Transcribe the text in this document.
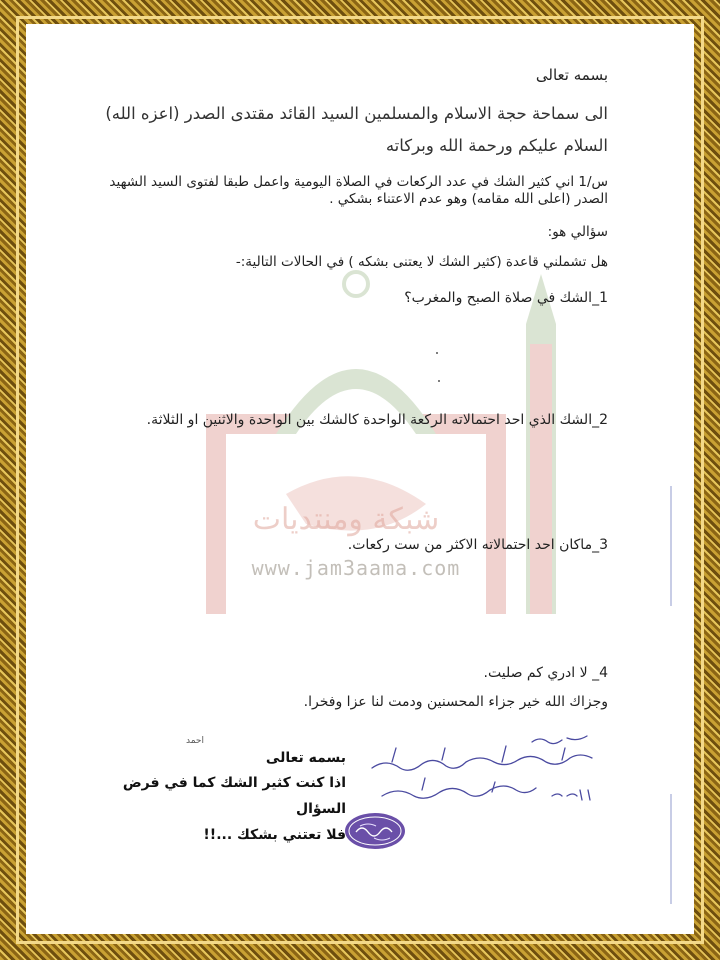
شبكة ومنتديات
www.jam3aama.com
بسمه تعالى
الى سماحة حجة الاسلام والمسلمين السيد القائد مقتدى الصدر (اعزه الله)
السلام عليكم ورحمة الله وبركاته
س/1 اني كثير الشك في عدد الركعات في الصلاة اليومية واعمل طبقا لفتوى السيد الشهيد الصدر (اعلى الله مقامه) وهو عدم الاعتناء بشكي .
سؤالي هو:
هل تشملني قاعدة (كثير الشك لا يعتنى بشكه ) في الحالات التالية:-
1_الشك في صلاة الصبح والمغرب؟
2_الشك الذي احد احتمالاته الركعة الواحدة كالشك بين الواحدة والاثنين او الثلاثة.
3_ماكان احد احتمالاته الاكثر من ست ركعات.
4_ لا ادري كم صليت.
وجزاك الله خير جزاء المحسنين ودمت لنا عزا وفخرا.
احمد
بسمه تعالى
اذا كنت كثير الشك كما في فرض السؤال
فلا تعتني بشكك ...!!
